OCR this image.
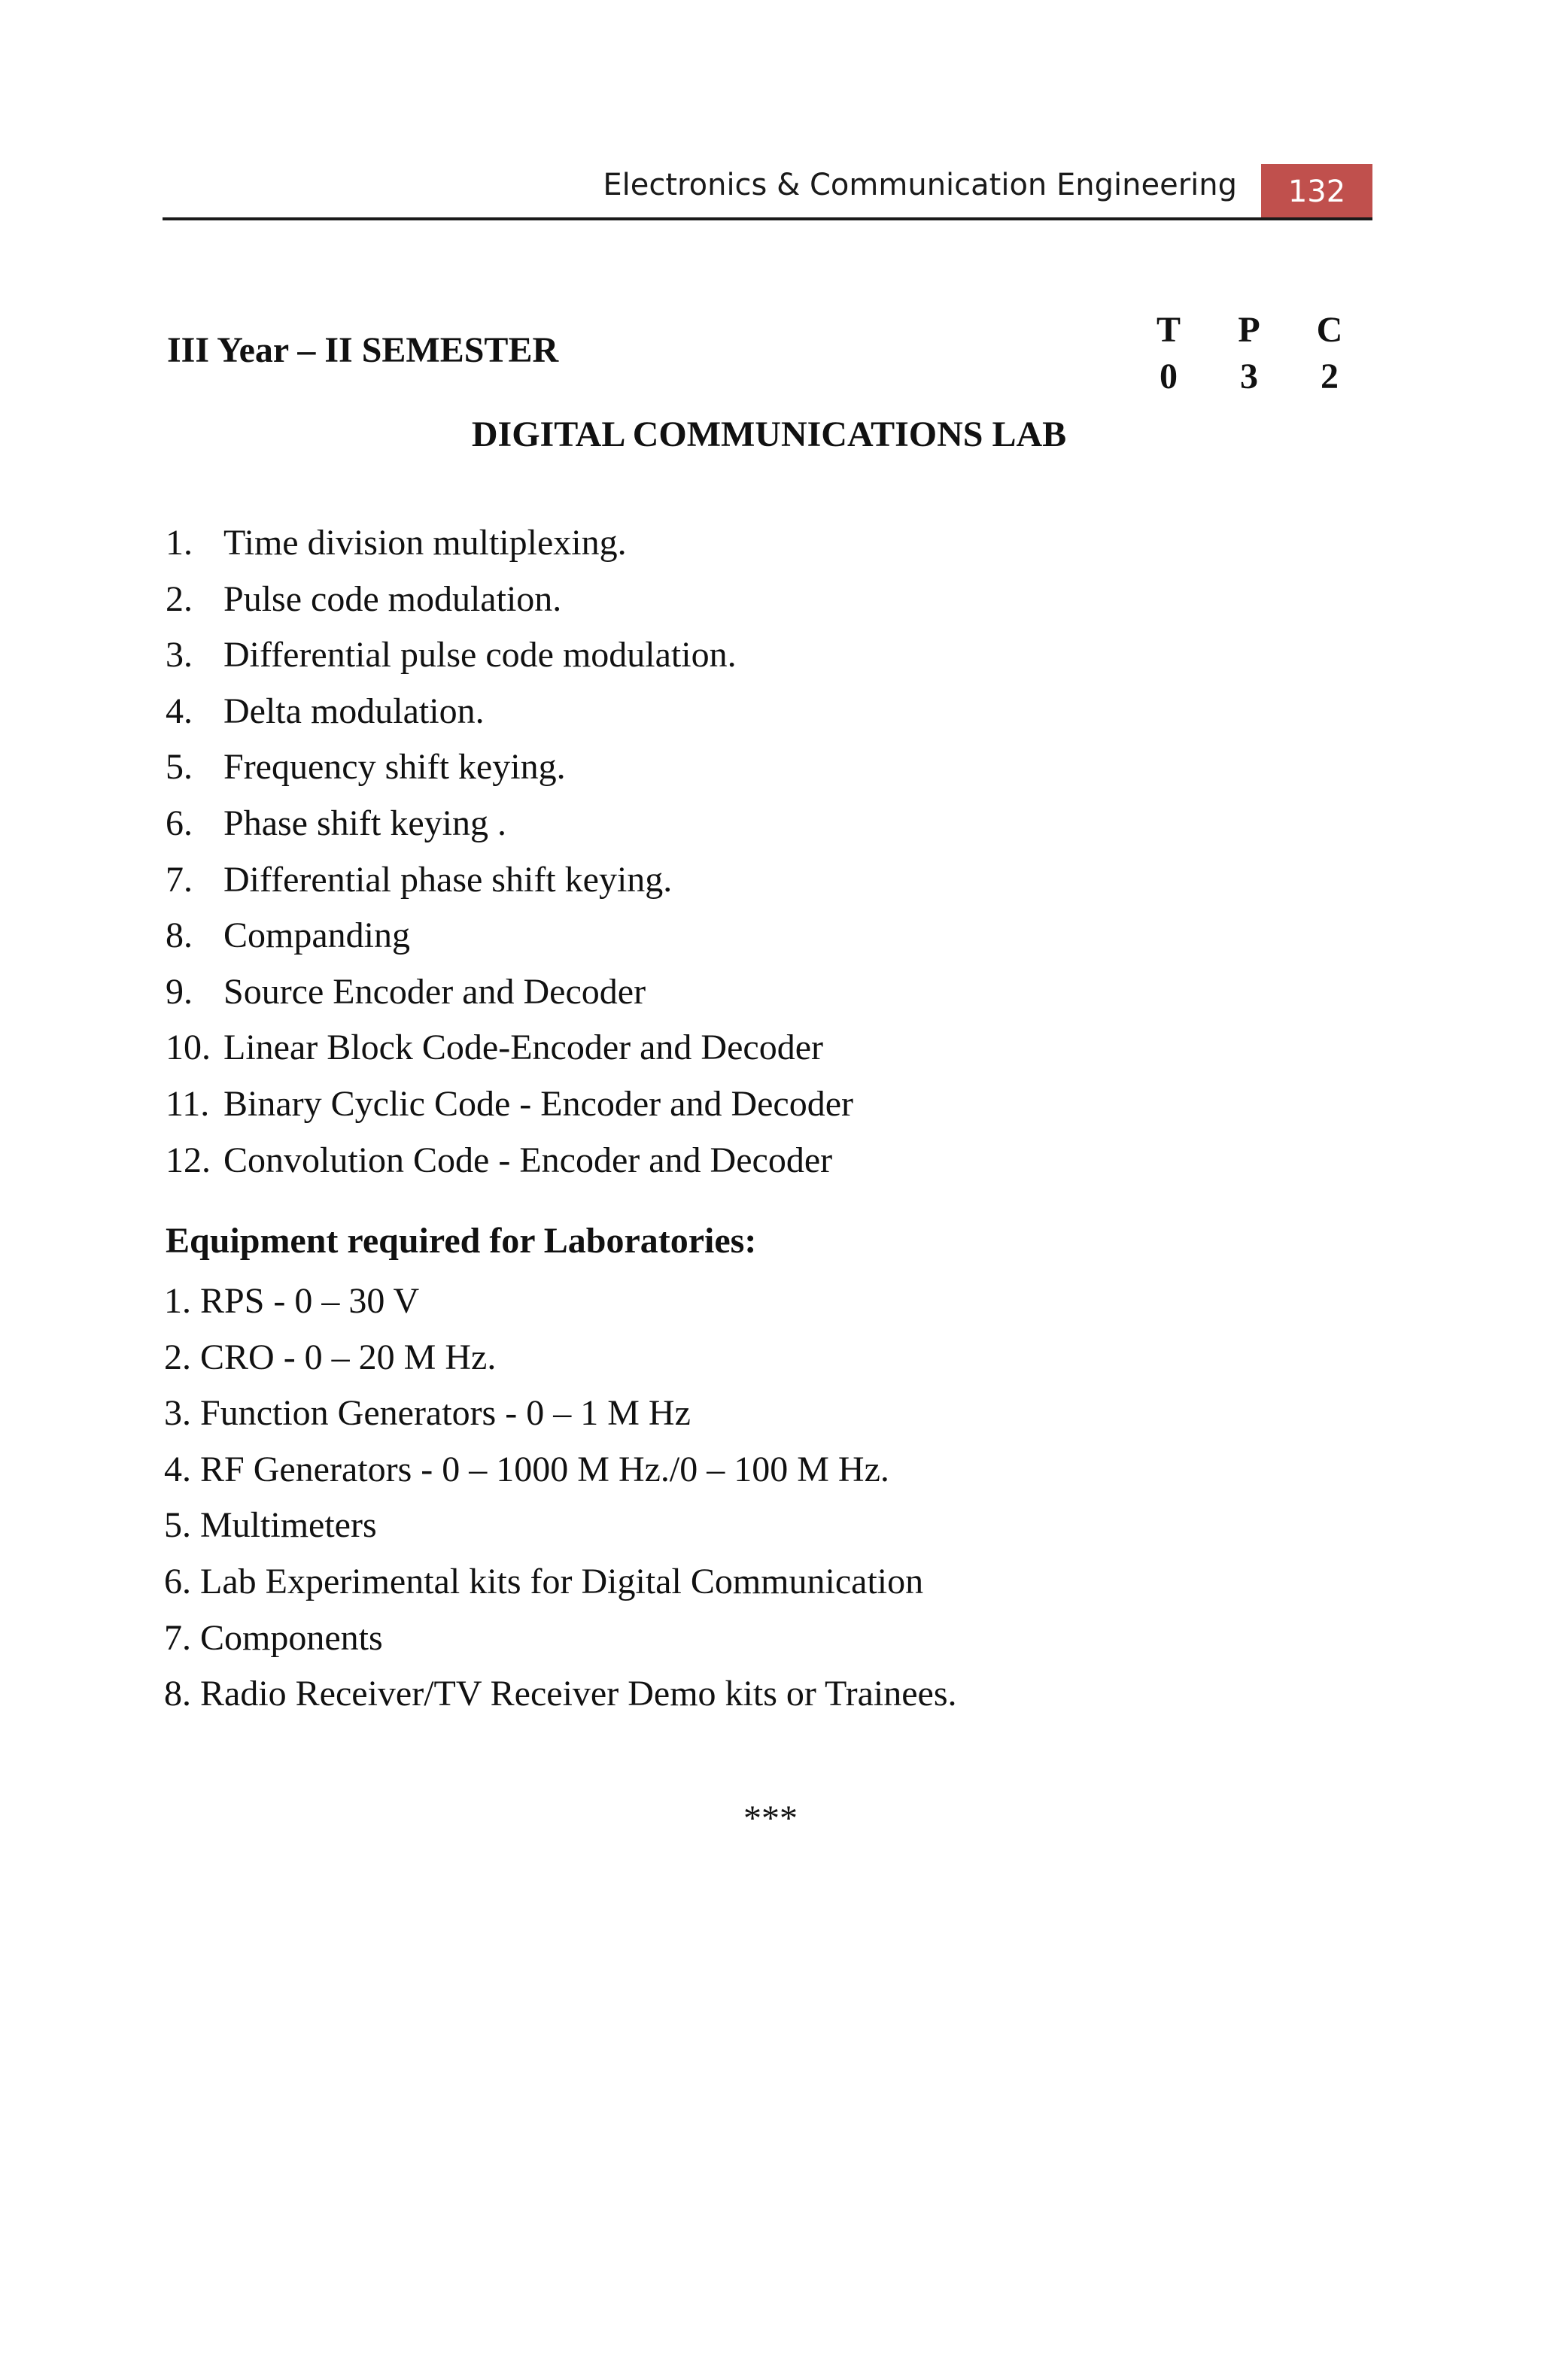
Electronics & Communication Engineering	132
III Year – II SEMESTER
T	P	C
0	3	2
DIGITAL COMMUNICATIONS LAB
1. Time division multiplexing.
2. Pulse code modulation.
3. Differential pulse code modulation.
4. Delta modulation.
5. Frequency shift keying.
6. Phase shift keying .
7. Differential phase shift keying.
8. Companding
9. Source Encoder and Decoder
10. Linear Block Code-Encoder and Decoder
11. Binary Cyclic Code - Encoder and Decoder
12. Convolution Code - Encoder and Decoder
Equipment required for Laboratories:
1. RPS - 0 – 30 V
2. CRO - 0 – 20 M Hz.
3. Function Generators - 0 – 1 M Hz
4. RF Generators - 0 – 1000 M Hz./0 – 100 M Hz.
5. Multimeters
6. Lab Experimental kits for Digital Communication
7. Components
8. Radio Receiver/TV Receiver Demo kits or Trainees.
***
